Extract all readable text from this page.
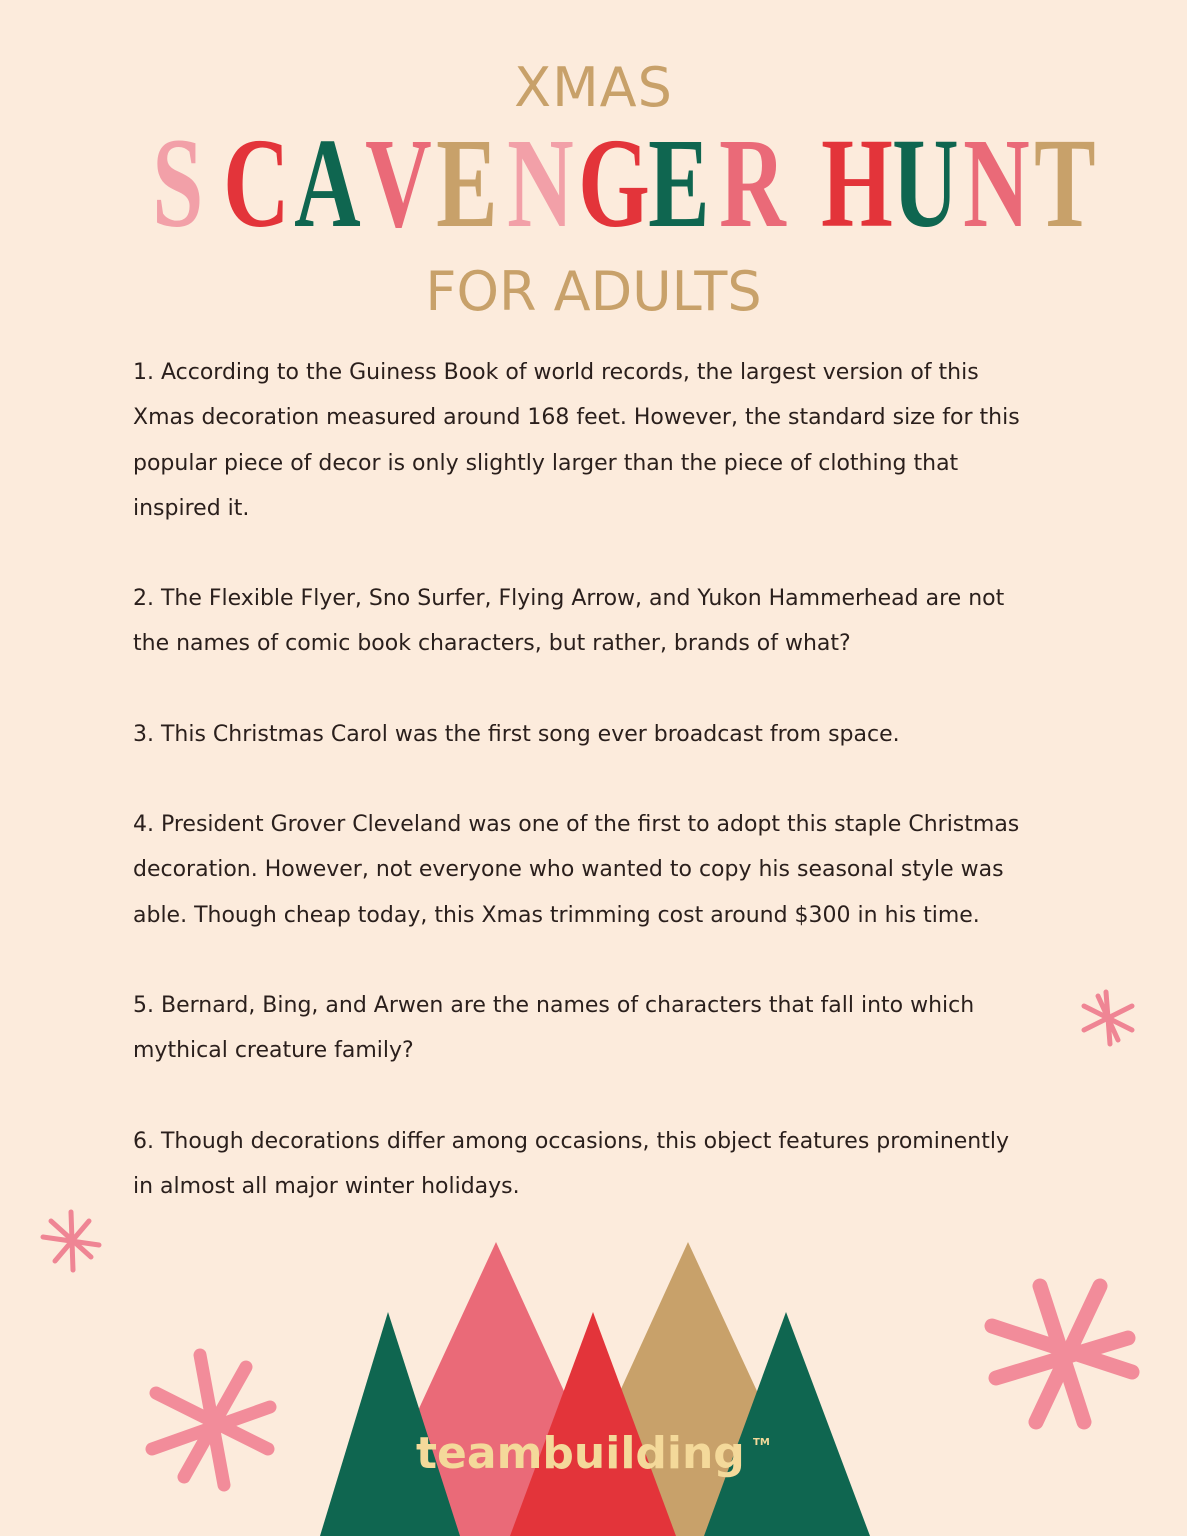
XMAS
S C A V E N G E R H U N T
FOR ADULTS

1. According to the Guiness Book of world records, the largest version of this

Xmas decoration measured around 168 feet. However, the standard size for this

popular piece of decor is only slightly larger than the piece of clothing that

inspired it.

2. The Flexible Flyer, Sno Surfer, Flying Arrow, and Yukon Hammerhead are not

the names of comic book characters, but rather, brands of what?

3. This Christmas Carol was the first song ever broadcast from space.

4. President Grover Cleveland was one of the first to adopt this staple Christmas

decoration. However, not everyone who wanted to copy his seasonal style was

able. Though cheap today, this Xmas trimming cost around $300 in his time.

5. Bernard, Bing, and Arwen are the names of characters that fall into which

mythical creature family?

6. Though decorations differ among occasions, this object features prominently

in almost all major winter holidays.

teambuilding TM
